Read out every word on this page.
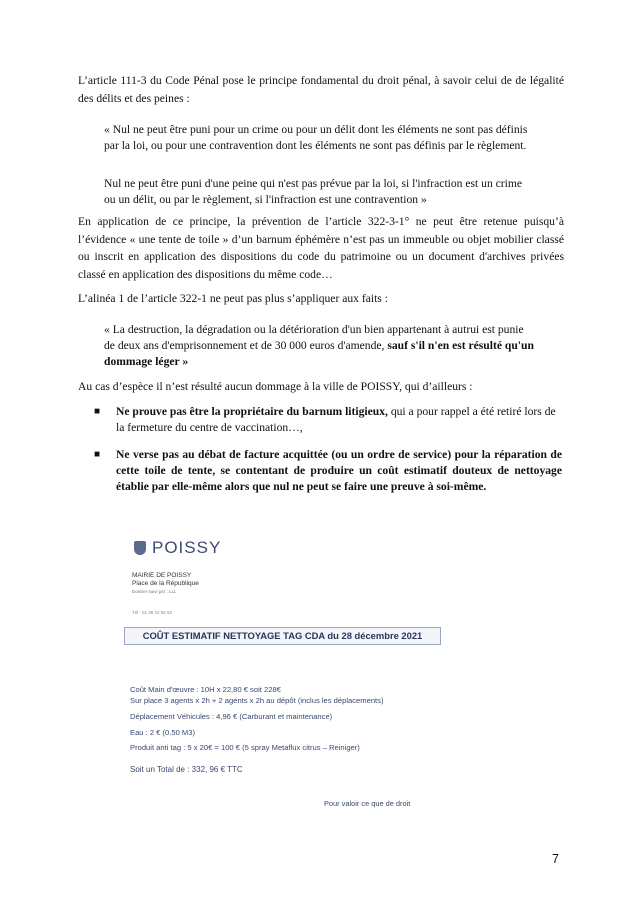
L’article 111-3 du Code Pénal pose le principe fondamental du droit pénal, à savoir celui de de légalité des délits et des peines :

« Nul ne peut être puni pour un crime ou pour un délit dont les éléments ne sont pas définis par la loi, ou pour une contravention dont les éléments ne sont pas définis par le règlement.

Nul ne peut être puni d'une peine qui n'est pas prévue par la loi, si l'infraction est un crime ou un délit, ou par le règlement, si l'infraction est une contravention »

En application de ce principe, la prévention de l’article 322-3-1° ne peut être retenue puisqu’à l’évidence « une tente de toile » d’un barnum éphémère n’est pas un immeuble ou objet mobilier classé ou inscrit en application des dispositions du code du patrimoine ou un document d'archives privées classé en application des dispositions du même code…

L’alinéa 1 de l’article 322-1 ne peut pas plus s’appliquer aux faits :

« La destruction, la dégradation ou la détérioration d'un bien appartenant à autrui est punie de deux ans d'emprisonnement et de 30 000 euros d'amende, sauf s'il n'en est résulté qu'un dommage léger »

Au cas d’espèce il n’est résulté aucun dommage à la ville de POISSY, qui d’ailleurs :

■ Ne prouve pas être la propriétaire du barnum litigieux, qui a pour rappel a été retiré lors de la fermeture du centre de vaccination…,

■ Ne verse pas au débat de facture acquittée (ou un ordre de service) pour la réparation de cette toile de tente, se contentant de produire un coût estimatif douteux de nettoyage établie par elle-même alors que nul ne peut se faire une preuve à soi-même.

POISSY
MAIRIE DE POISSY
Place de la République
Dossier suivi par : LLL
Tél : 01 39 22 55 62
COÛT ESTIMATIF NETTOYAGE TAG CDA du 28 décembre 2021
Coût Main d'œuvre : 10H x 22,80 € soit 228€
Sur place 3 agents x 2h + 2 agents x 2h au dépôt (inclus les déplacements)
Déplacement Véhicules : 4,96 € (Carburant et maintenance)
Eau : 2 € (0.50 M3)
Produit anti tag : 5 x 20€ = 100 € (5 spray Metaflux citrus – Reiniger)
Soit un Total de : 332, 96 € TTC
Pour valoir ce que de droit
7
